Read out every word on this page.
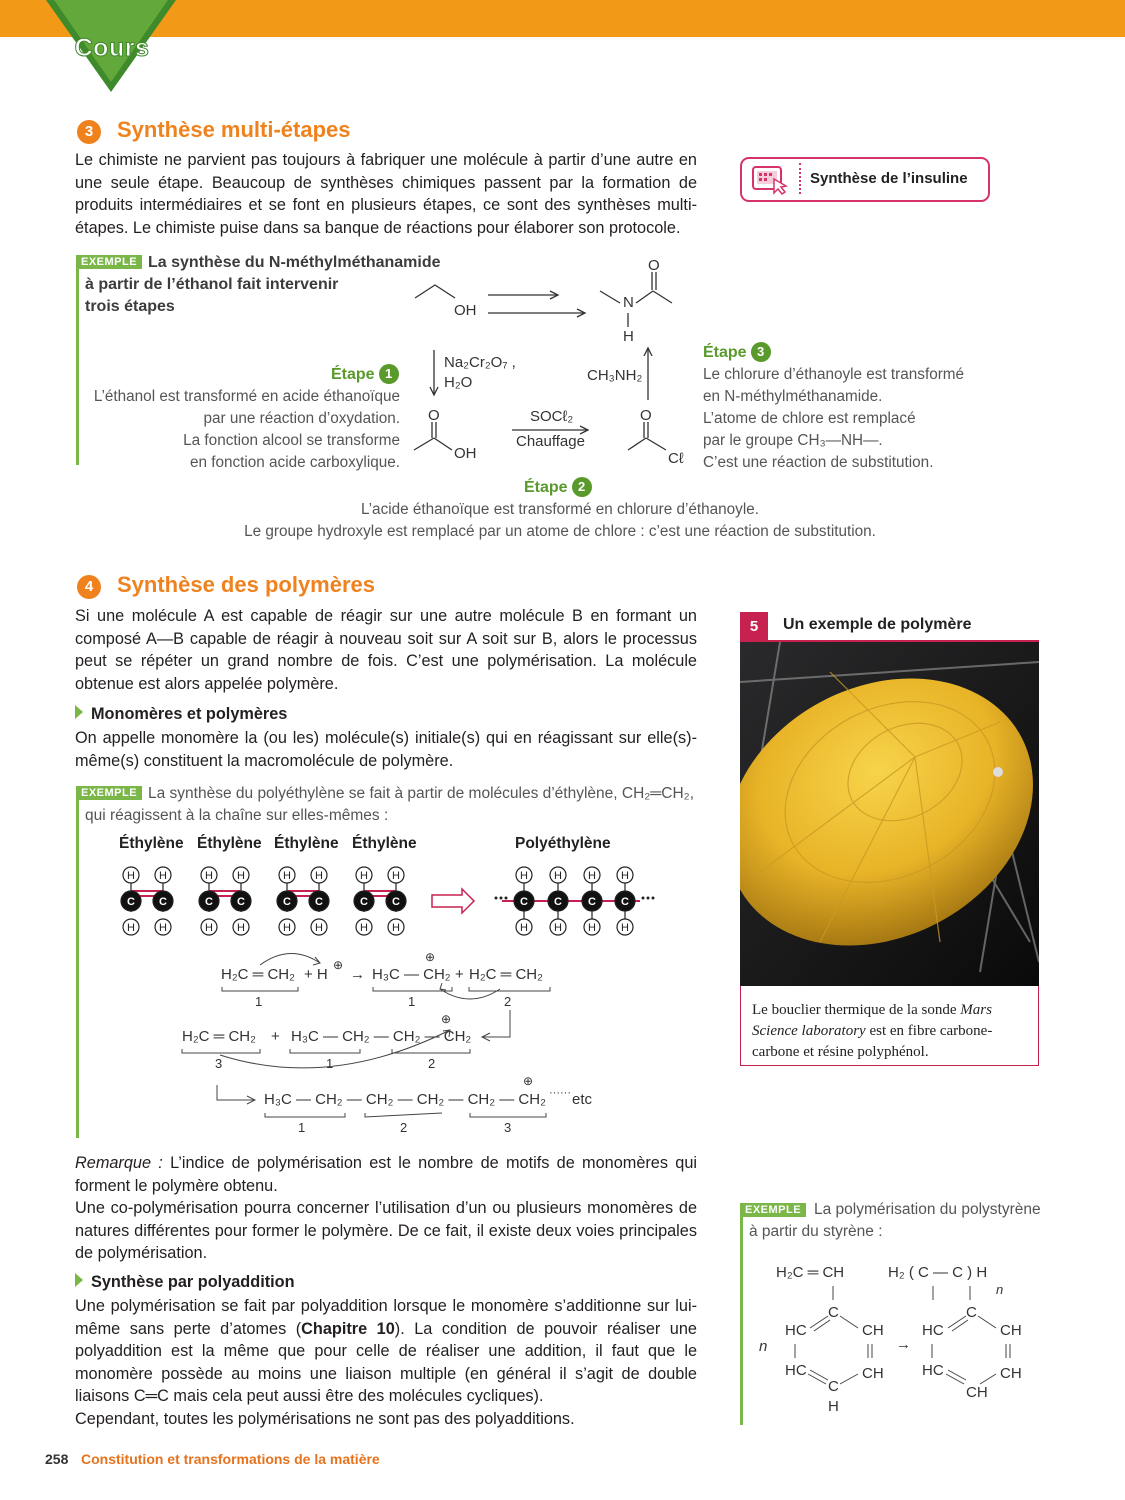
Cours
3	Synthèse multi-étapes
Le chimiste ne parvient pas toujours à fabriquer une molécule à partir d’une autre en une seule étape. Beaucoup de synthèses chimiques passent par la formation de produits intermédiaires et se font en plusieurs étapes, ce sont des synthèses multi-étapes. Le chimiste puise dans sa banque de réactions pour élaborer son protocole.
Synthèse de l’insuline
EXEMPLE La synthèse du N-méthylméthanamide
à partir de l’éthanol fait intervenir
trois étapes	OH
O
N
H
Na₂Cr₂O₇ ,
H₂O	CH₃NH₂
O
OH
SOCℓ₂
Chauffage
O
Cℓ
Étape 1
L’éthanol est transformé en acide éthanoïque
par une réaction d’oxydation.
La fonction alcool se transforme
en fonction acide carboxylique.
Étape 3
Le chlorure d’éthanoyle est transformé
en N-méthylméthanamide.
L’atome de chlore est remplacé
par le groupe CH₃—NH—.
C’est une réaction de substitution.
Étape 2
L’acide éthanoïque est transformé en chlorure d’éthanoyle.
Le groupe hydroxyle est remplacé par un atome de chlore : c’est une réaction de substitution.
4	Synthèse des polymères
Si une molécule A est capable de réagir sur une autre molécule B en formant un composé A—B capable de réagir à nouveau soit sur A soit sur B, alors le processus peut se répéter un grand nombre de fois. C’est une polymérisation. La molécule obtenue est alors appelée polymère.
Monomères et polymères
On appelle monomère la (ou les) molécule(s) initiale(s) qui en réagissant sur elle(s)-même(s) constituent la macromolécule de polymère.
EXEMPLE La synthèse du polyéthylène se fait à partir de molécules d’éthylène, CH₂═CH₂,
qui réagissent à la chaîne sur elles-mêmes :
Éthylène Éthylène Éthylène Éthylène	Polyéthylène
H H
H H
H H
H H
H H
H H
H H
H H
C C	C C	C C	C C
H H H H
H H H H
C C C C
H₂C ═ CH₂ + H
⊕
→ H₃C — CH₂
⊕
+ H₂C ═ CH₂
1	1	2
H₂C ═ CH₂ + H₃C — CH₂ — CH₂ — CH₂
⊕
3	1	2
H₃C — CH₂ — CH₂ — CH₂ — CH₂ — CH₂
⊕
······ etc
1	2	3
Remarque : L’indice de polymérisation est le nombre de motifs de monomères qui forment le polymère obtenu.
Une co-polymérisation pourra concerner l’utilisation d’un ou plusieurs monomères de natures différentes pour former le polymère. De ce fait, il existe deux voies principales de polymérisation.
Synthèse par polyaddition
Une polymérisation se fait par polyaddition lorsque le monomère s’additionne sur lui-même sans perte d’atomes (Chapitre 10). La condition de pouvoir réaliser une polyaddition est la même que pour celle de réaliser une addition, il faut que le monomère possède au moins une liaison multiple (en général il s’agit de double liaisons C═C mais cela peut aussi être des molécules cycliques).
Cependant, toutes les polymérisations ne sont pas des polyadditions.
5	Un exemple de polymère
Le bouclier thermique de la sonde Mars Science laboratory est en fibre carbone-carbone et résine polyphénol.
EXEMPLE La polymérisation du polystyrène
à partir du styrène :
H₂C ═ CH
n
H₂ ( C — C ) H
n
→
C
HC	CH
HC	CH
C
H
C
HC	CH
HC	CH
CH
258 Constitution et transformations de la matière
